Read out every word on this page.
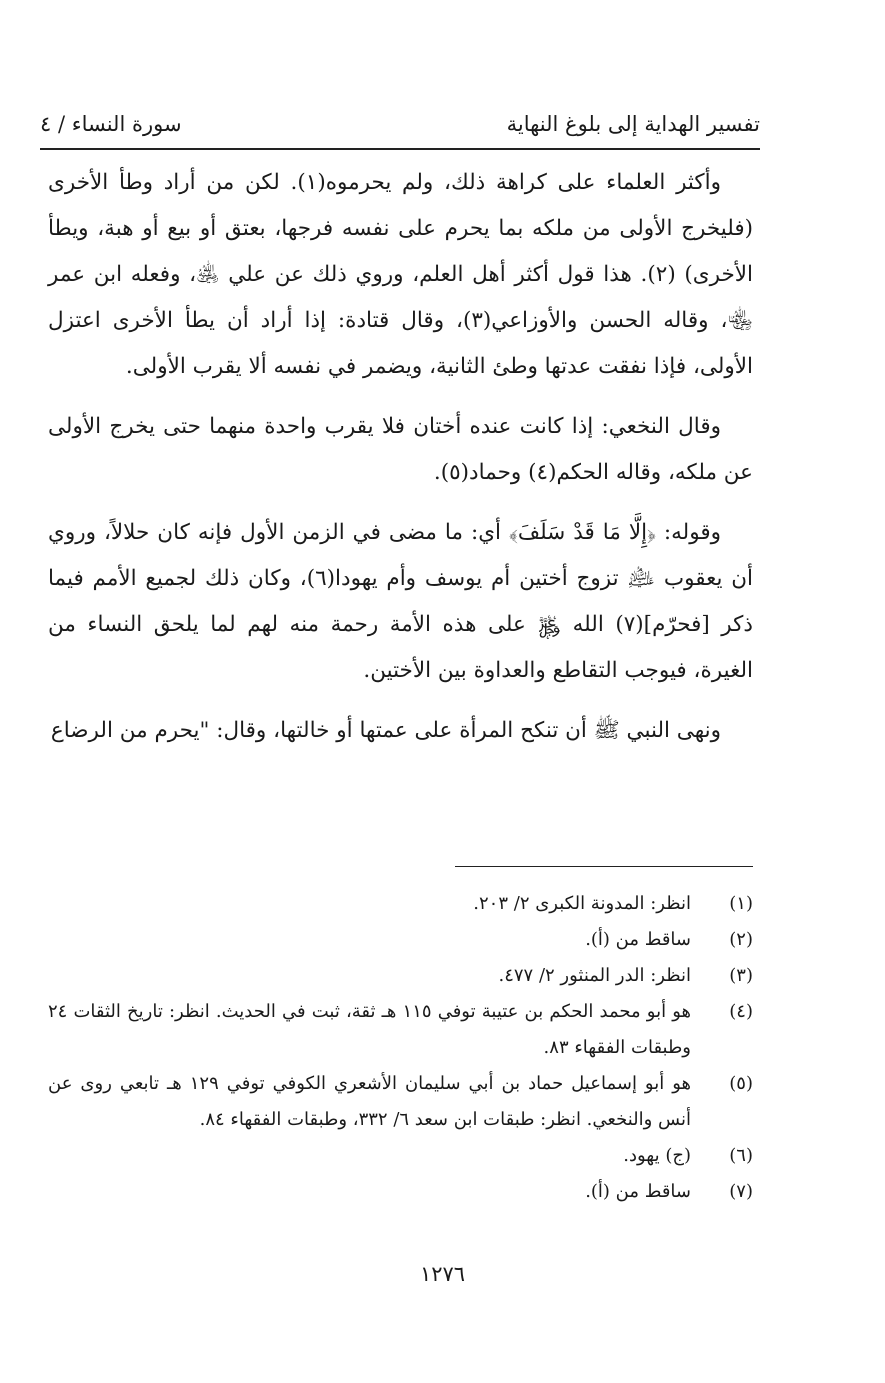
تفسير الهداية إلى بلوغ النهاية
سورة النساء / ٤

وأكثر العلماء على كراهة ذلك، ولم يحرموه(١). لكن من أراد وطأ الأخرى (فليخرج الأولى من ملكه بما يحرم على نفسه فرجها، بعتق أو بيع أو هبة، ويطأ الأخرى) (٢). هذا قول أكثر أهل العلم، وروي ذلك عن علي ﵁، وفعله ابن عمر ﵄، وقاله الحسن والأوزاعي(٣)، وقال قتادة: إذا أراد أن يطأ الأخرى اعتزل الأولى، فإذا نفقت عدتها وطئ الثانية، ويضمر في نفسه ألا يقرب الأولى.

وقال النخعي: إذا كانت عنده أختان فلا يقرب واحدة منهما حتى يخرج الأولى عن ملكه، وقاله الحكم(٤) وحماد(٥).

وقوله: ﴿إِلَّا مَا قَدْ سَلَفَ﴾ أي: ما مضى في الزمن الأول فإنه كان حلالاً، وروي أن يعقوب ﵇ تزوج أختين أم يوسف وأم يهودا(٦)، وكان ذلك لجميع الأمم فيما ذكر [فحرّم](٧) الله ﷿ على هذه الأمة رحمة منه لهم لما يلحق النساء من الغيرة، فيوجب التقاطع والعداوة بين الأختين.

ونهى النبي ﷺ أن تنكح المرأة على عمتها أو خالتها، وقال: "يحرم من الرضاع

(١)
انظر: المدونة الكبرى ٢/ ٢٠٣.
(٢)
ساقط من (أ).
(٣)
انظر: الدر المنثور ٢/ ٤٧٧.
(٤)
هو أبو محمد الحكم بن عتيبة توفي ١١٥ هـ ثقة، ثبت في الحديث. انظر: تاريخ الثقات ٢٤ وطبقات الفقهاء ٨٣.
(٥)
هو أبو إسماعيل حماد بن أبي سليمان الأشعري الكوفي توفي ١٢٩ هـ تابعي روى عن أنس والنخعي. انظر: طبقات ابن سعد ٦/ ٣٣٢، وطبقات الفقهاء ٨٤.
(٦)
(ج) يهود.
(٧)
ساقط من (أ).
١٢٧٦
